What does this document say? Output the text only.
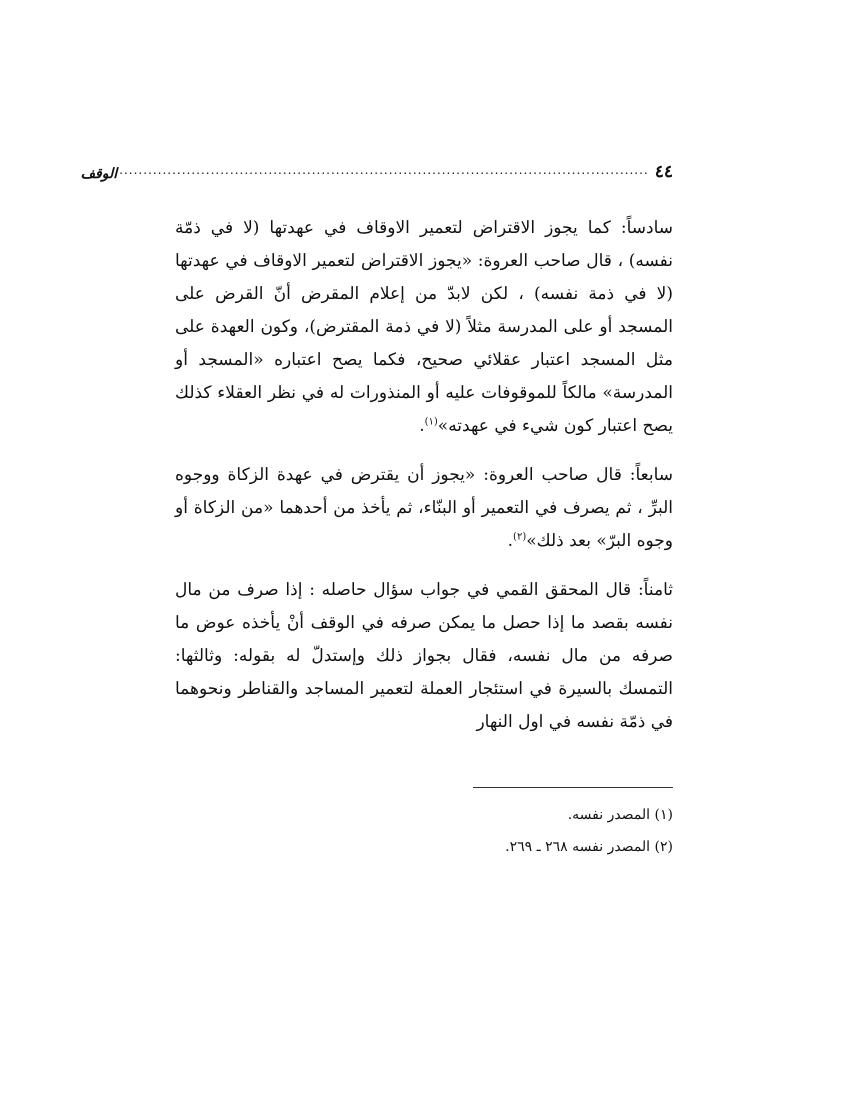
٤٤
..............................................................................................................
الوقف

سادساً: كما يجوز الاقتراض لتعمير الاوقاف في عهدتها (لا في ذمّة نفسه) ، قال صاحب العروة: «يجوز الاقتراض لتعمير الاوقاف في عهدتها (لا في ذمة نفسه) ، لكن لابدّ من إعلام المقرض أنّ القرض على المسجد أو على المدرسة مثلاً (لا في ذمة المقترض)، وكون العهدة على مثل المسجد اعتبار عقلائي صحيح، فكما يصح اعتباره «المسجد أو المدرسة» مالكاً للموقوفات عليه أو المنذورات له في نظر العقلاء كذلك يصح اعتبار كون شيء في عهدته»$^{(١)}$.

سابعاً: قال صاحب العروة: «يجوز أن يقترض في عهدة الزكاة ووجوه البرِّ ، ثم يصرف في التعمير أو البنّاء، ثم يأخذ من أحدهما «من الزكاة أو وجوه البرّ» بعد ذلك»$^{(٢)}$.

ثامناً: قال المحقق القمي في جواب سؤال حاصله : إذا صرف من مال نفسه بقصد ما إذا حصل ما يمكن صرفه في الوقف أنْ يأخذه عوض ما صرفه من مال نفسه، فقال بجواز ذلك وإستدلّ له بقوله: وثالثها: التمسك بالسيرة في استئجار العملة لتعمير المساجد والقناطر ونحوهما في ذمّة نفسه في اول النهار

(١) المصدر نفسه.

(٢) المصدر نفسه ٢٦٨ ـ ٢٦٩.
